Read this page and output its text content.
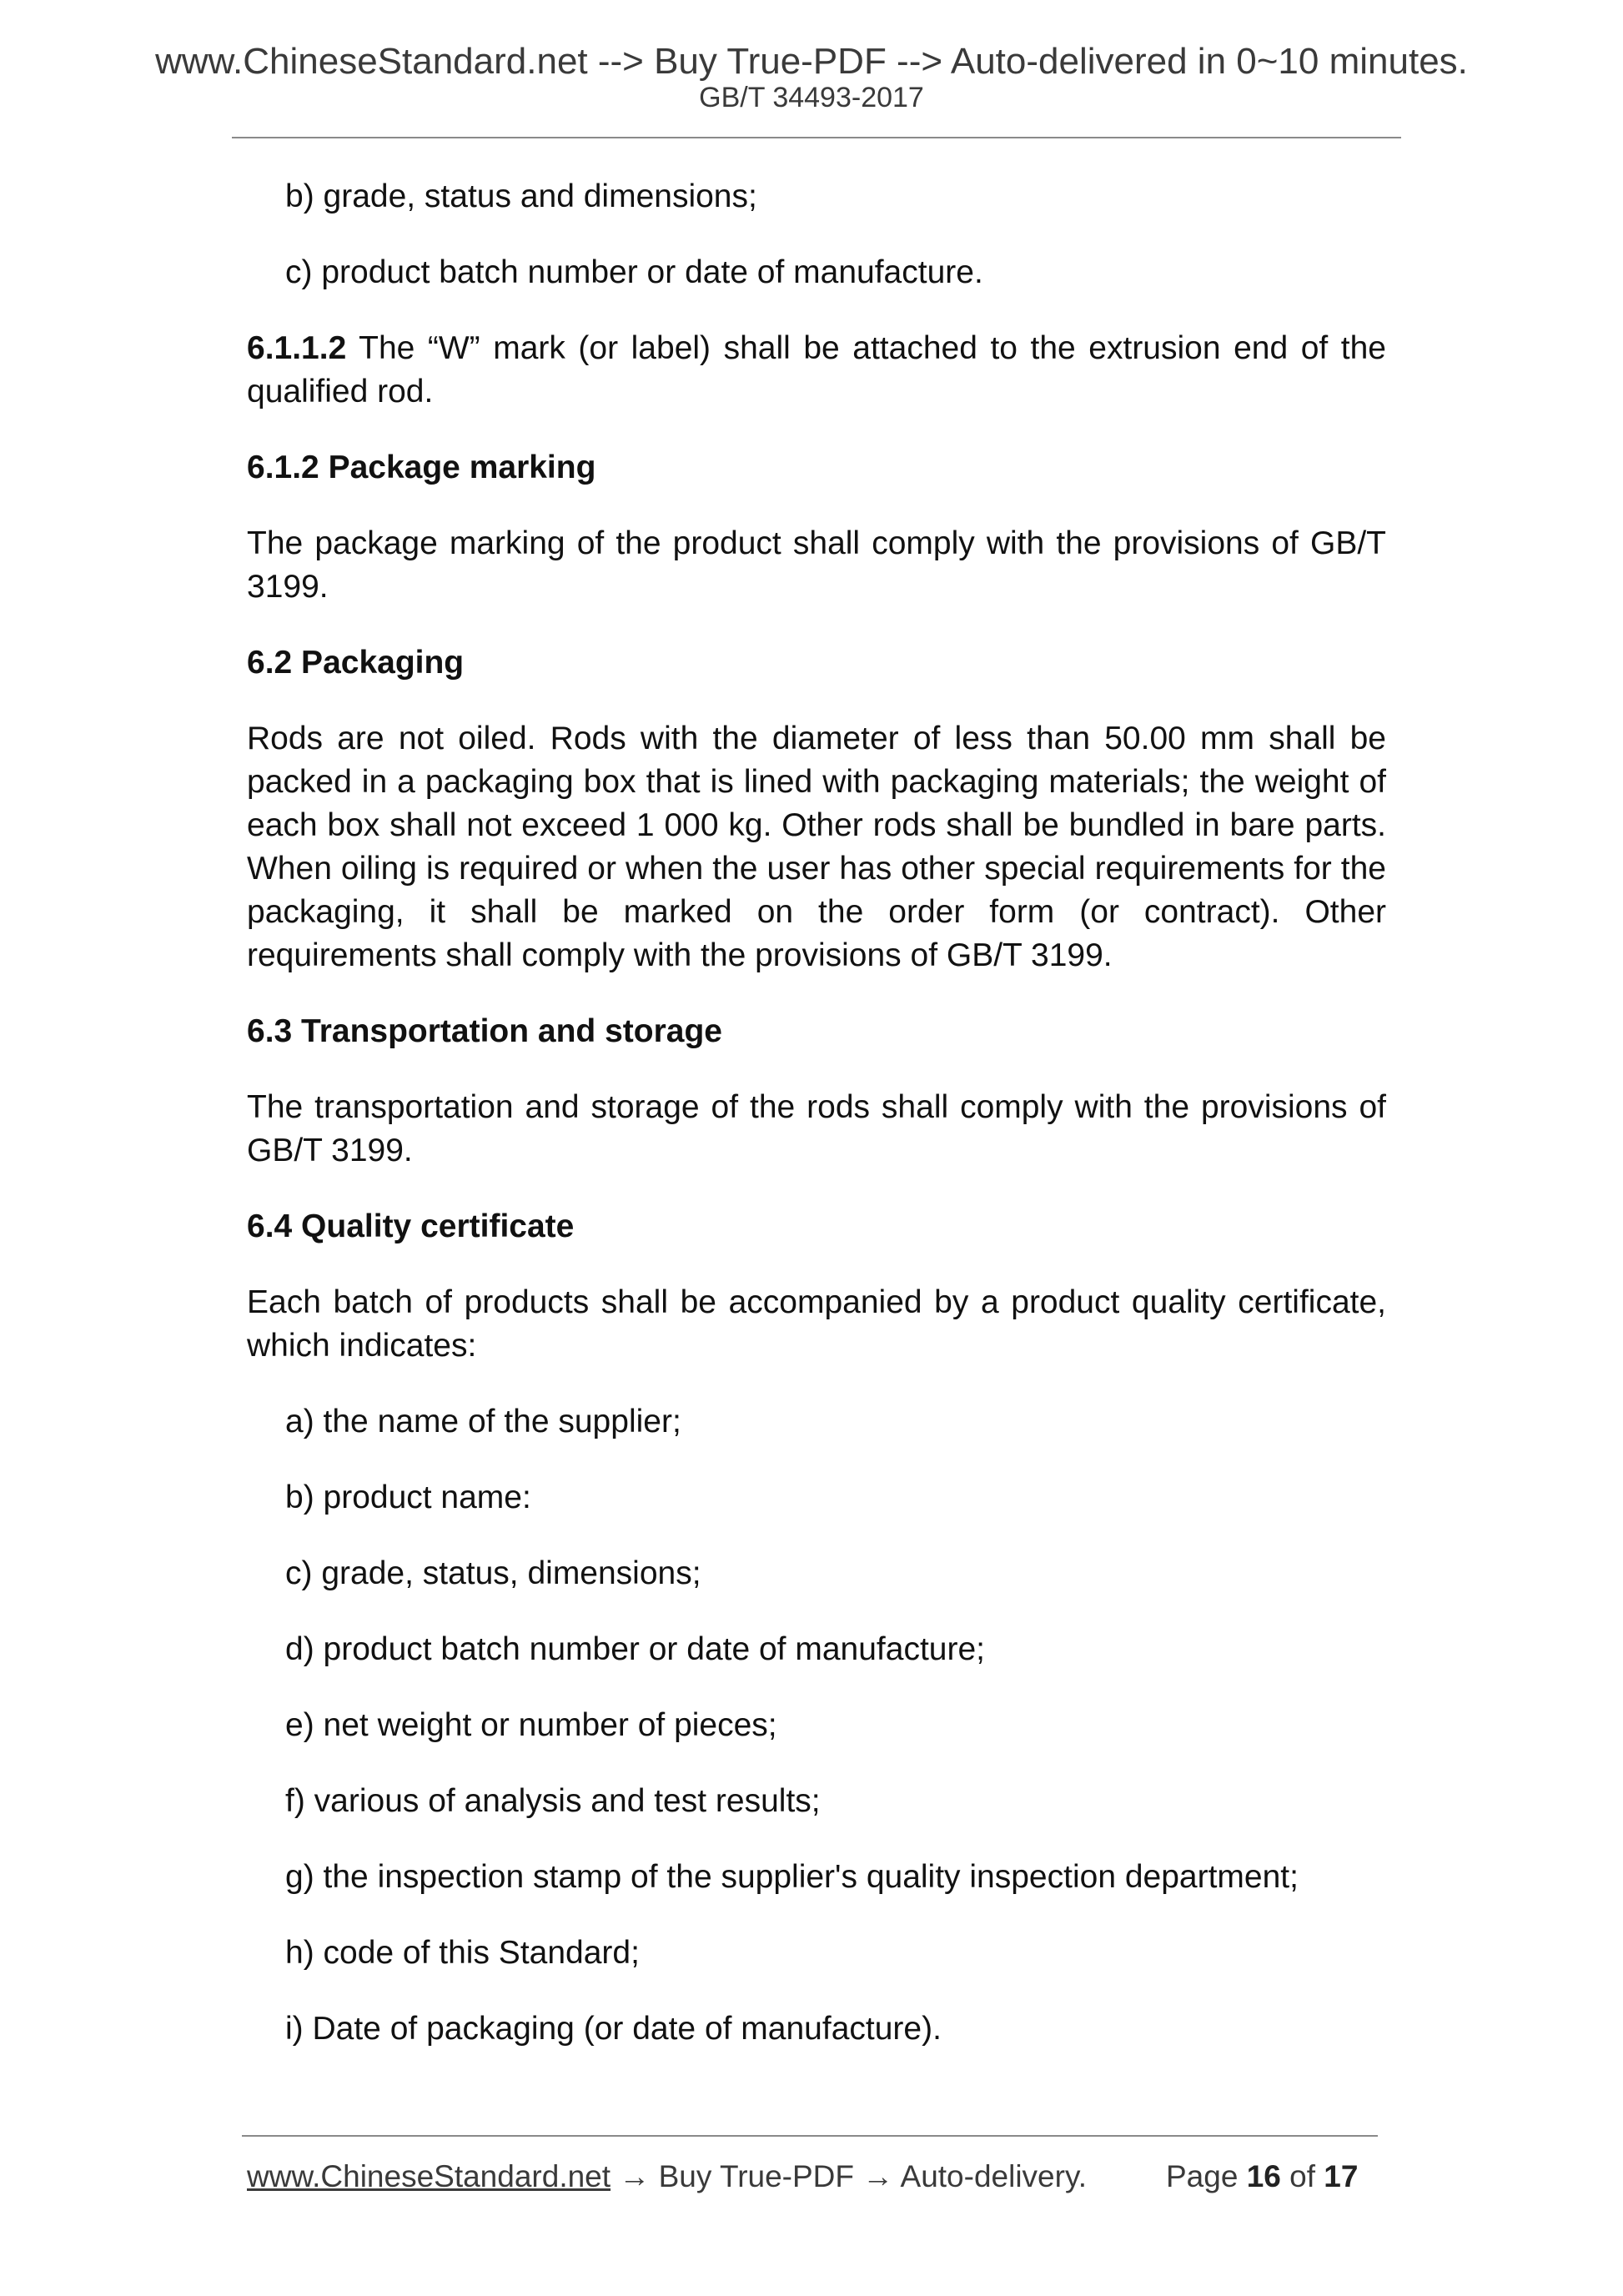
www.ChineseStandard.net --> Buy True-PDF --> Auto-delivered in 0~10 minutes.
GB/T 34493-2017

b) grade, status and dimensions;

c) product batch number or date of manufacture.

6.1.1.2 The “W” mark (or label) shall be attached to the extrusion end of the qualified rod.

6.1.2 Package marking

The package marking of the product shall comply with the provisions of GB/T 3199.

6.2 Packaging

Rods are not oiled. Rods with the diameter of less than 50.00 mm shall be packed in a packaging box that is lined with packaging materials; the weight of each box shall not exceed 1 000 kg. Other rods shall be bundled in bare parts. When oiling is required or when the user has other special requirements for the packaging, it shall be marked on the order form (or contract). Other requirements shall comply with the provisions of GB/T 3199.

6.3 Transportation and storage

The transportation and storage of the rods shall comply with the provisions of GB/T 3199.

6.4 Quality certificate

Each batch of products shall be accompanied by a product quality certificate, which indicates:

a) the name of the supplier;

b) product name:

c) grade, status, dimensions;

d) product batch number or date of manufacture;

e) net weight or number of pieces;

f) various of analysis and test results;

g) the inspection stamp of the supplier's quality inspection department;

h) code of this Standard;

i) Date of packaging (or date of manufacture).

www.ChineseStandard.net → Buy True-PDF → Auto-delivery.	Page 16 of 17
